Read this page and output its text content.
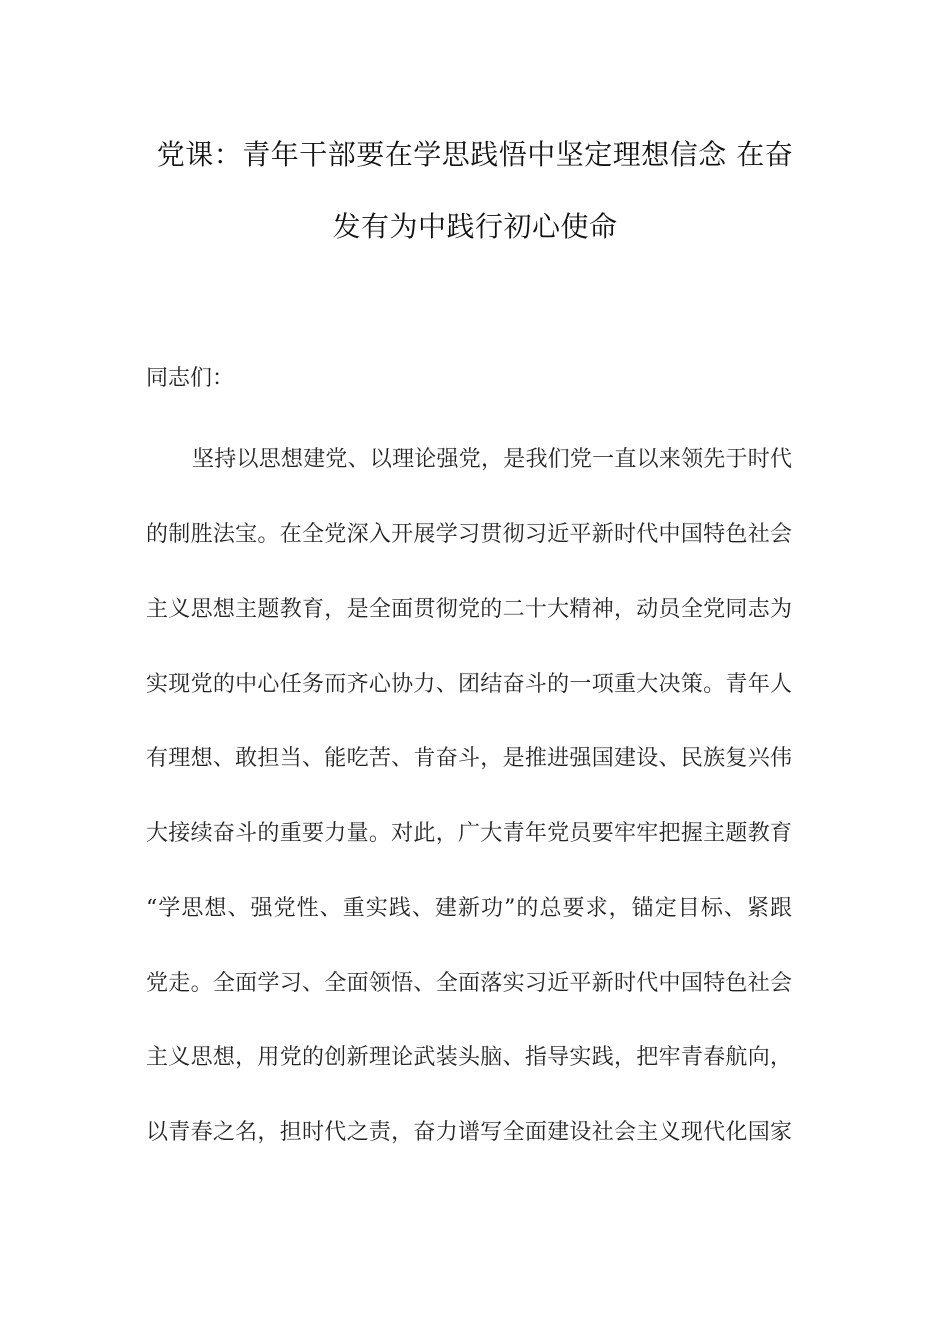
党课：青年干部要在学思践悟中坚定理想信念 在奋
发有为中践行初心使命
同志们：
坚持以思想建党、以理论强党，是我们党一直以来领先于时代
的制胜法宝。在全党深入开展学习贯彻习近平新时代中国特色社会
主义思想主题教育，是全面贯彻党的二十大精神，动员全党同志为
实现党的中心任务而齐心协力、团结奋斗的一项重大决策。青年人
有理想、敢担当、能吃苦、肯奋斗，是推进强国建设、民族复兴伟
大接续奋斗的重要力量。对此，广大青年党员要牢牢把握主题教育
“学思想、强党性、重实践、建新功”的总要求，锚定目标、紧跟
党走。全面学习、全面领悟、全面落实习近平新时代中国特色社会
主义思想，用党的创新理论武装头脑、指导实践，把牢青春航向，
以青春之名，担时代之责，奋力谱写全面建设社会主义现代化国家
